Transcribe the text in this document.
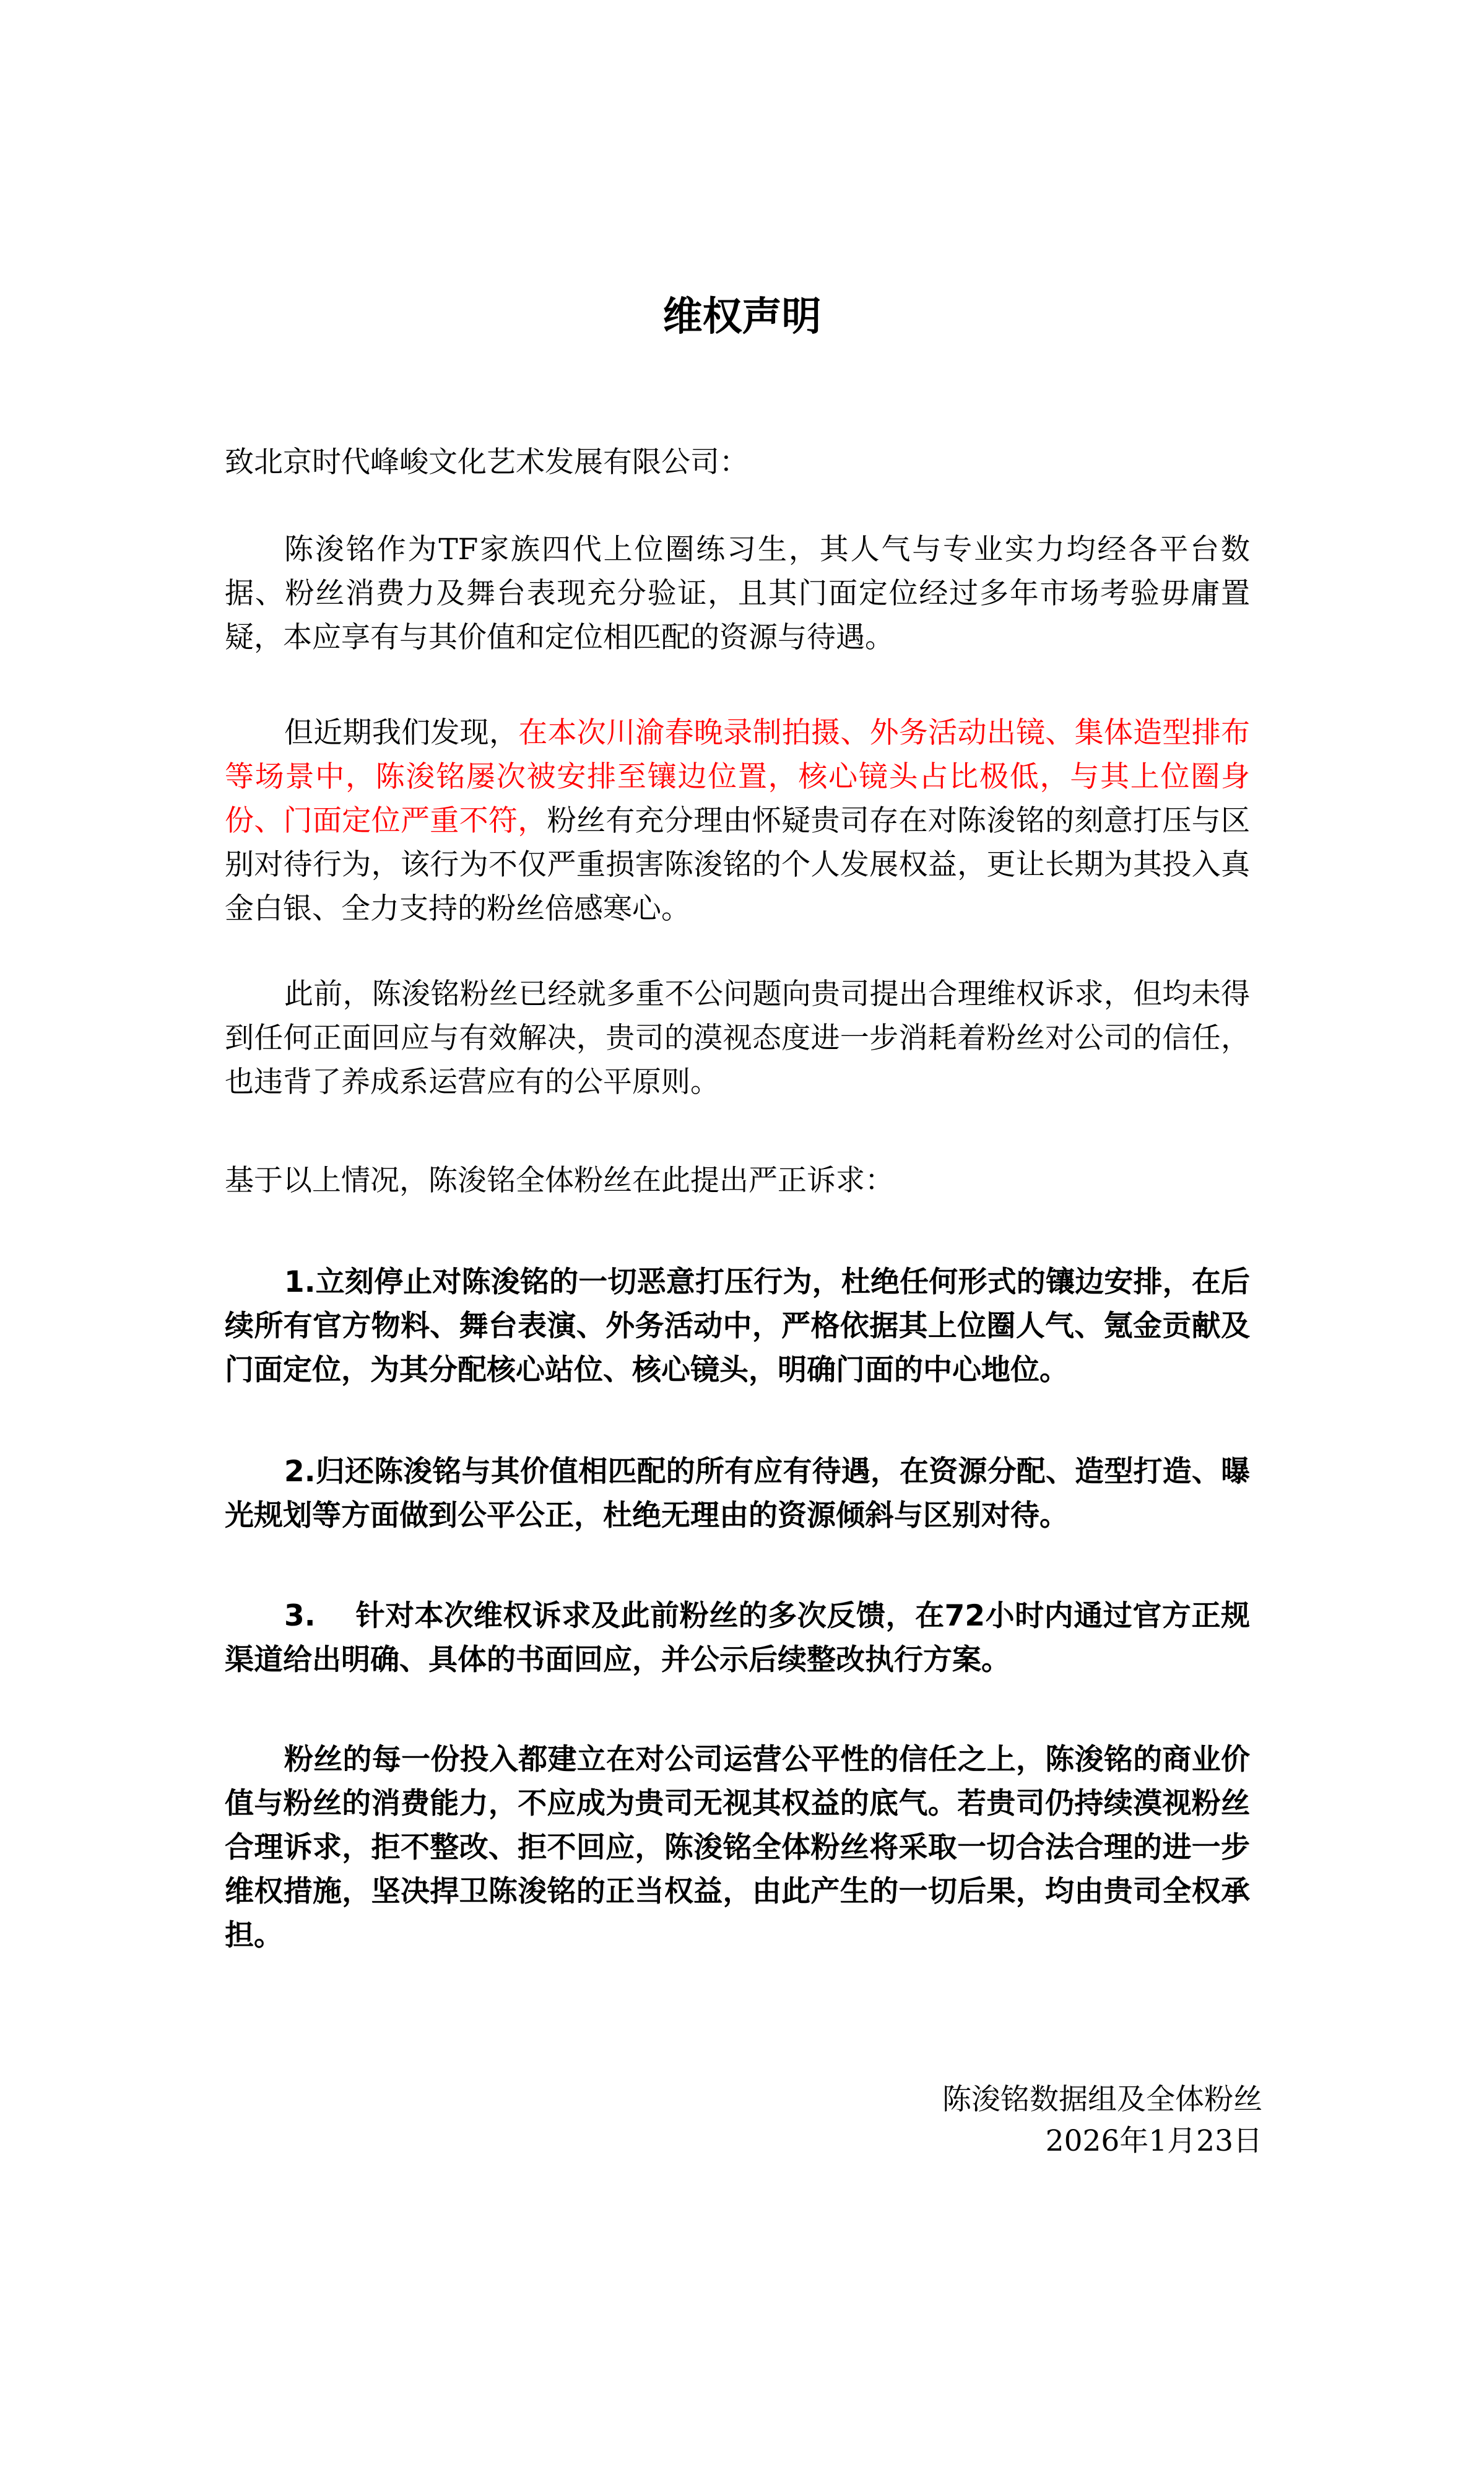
维权声明
致北京时代峰峻文化艺术发展有限公司：
陈浚铭作为TF家族四代上位圈练习生，其人气与专业实力均经各平台数据、粉丝消费力及舞台表现充分验证，且其门面定位经过多年市场考验毋庸置疑，本应享有与其价值和定位相匹配的资源与待遇。
但近期我们发现，在本次川渝春晚录制拍摄、外务活动出镜、集体造型排布等场景中，陈浚铭屡次被安排至镶边位置，核心镜头占比极低，与其上位圈身份、门面定位严重不符，粉丝有充分理由怀疑贵司存在对陈浚铭的刻意打压与区别对待行为，该行为不仅严重损害陈浚铭的个人发展权益，更让长期为其投入真金白银、全力支持的粉丝倍感寒心。
此前，陈浚铭粉丝已经就多重不公问题向贵司提出合理维权诉求，但均未得到任何正面回应与有效解决，贵司的漠视态度进一步消耗着粉丝对公司的信任，也违背了养成系运营应有的公平原则。
基于以上情况，陈浚铭全体粉丝在此提出严正诉求：
1.立刻停止对陈浚铭的一切恶意打压行为，杜绝任何形式的镶边安排，在后续所有官方物料、舞台表演、外务活动中，严格依据其上位圈人气、氪金贡献及门面定位，为其分配核心站位、核心镜头，明确门面的中心地位。
2.归还陈浚铭与其价值相匹配的所有应有待遇，在资源分配、造型打造、曝光规划等方面做到公平公正，杜绝无理由的资源倾斜与区别对待。
3.　 针对本次维权诉求及此前粉丝的多次反馈，在72小时内通过官方正规渠道给出明确、具体的书面回应，并公示后续整改执行方案。
粉丝的每一份投入都建立在对公司运营公平性的信任之上，陈浚铭的商业价值与粉丝的消费能力，不应成为贵司无视其权益的底气。若贵司仍持续漠视粉丝合理诉求，拒不整改、拒不回应，陈浚铭全体粉丝将采取一切合法合理的进一步维权措施，坚决捍卫陈浚铭的正当权益，由此产生的一切后果，均由贵司全权承担。
陈浚铭数据组及全体粉丝
2026年1月23日
